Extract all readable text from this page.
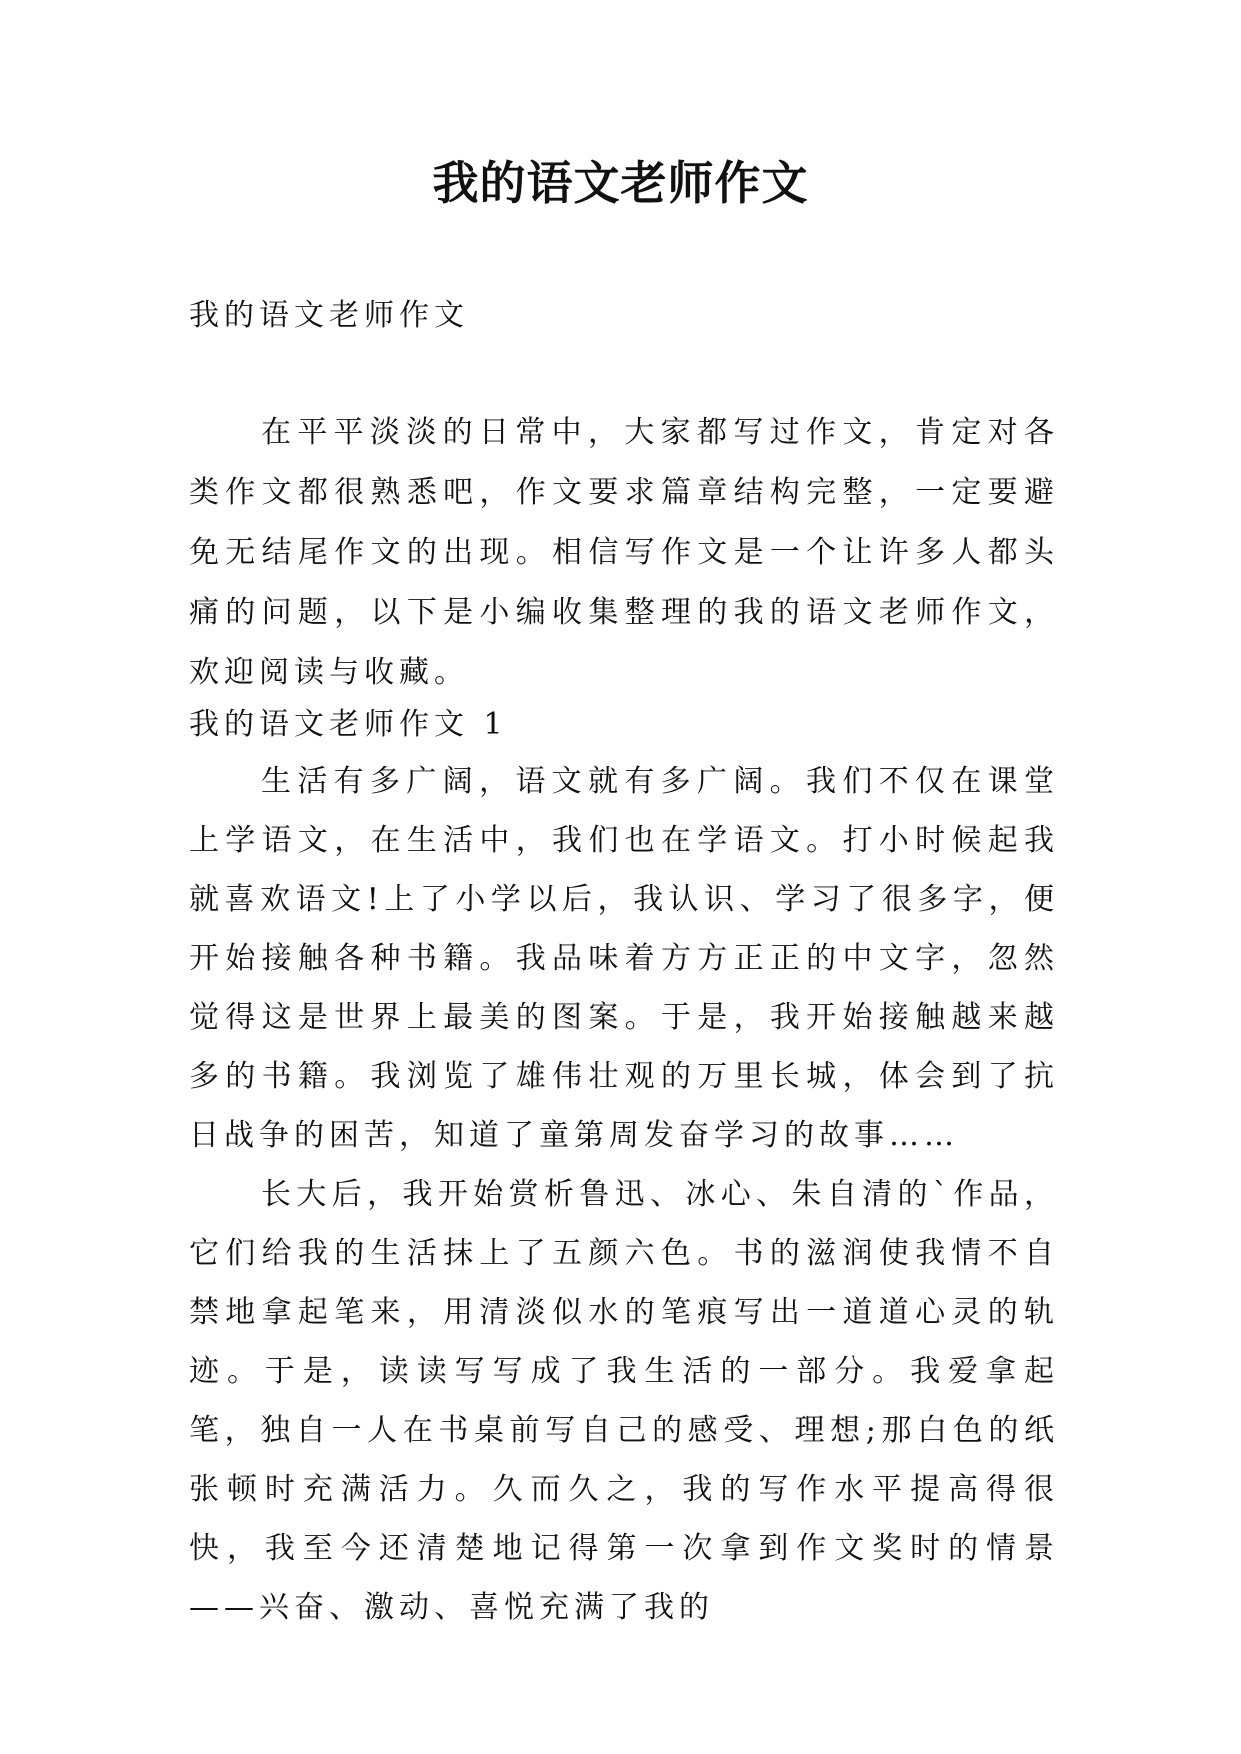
我的语文老师作文
我的语文老师作文

在平平淡淡的日常中，大家都写过作文，肯定对各类作文都很熟悉吧，作文要求篇章结构完整，一定要避免无结尾作文的出现。相信写作文是一个让许多人都头痛的问题，以下是小编收集整理的我的语文老师作文，欢迎阅读与收藏。

我的语文老师作文 1

生活有多广阔，语文就有多广阔。我们不仅在课堂上学语文，在生活中，我们也在学语文。打小时候起我就喜欢语文!上了小学以后，我认识、学习了很多字，便开始接触各种书籍。我品味着方方正正的中文字，忽然觉得这是世界上最美的图案。于是，我开始接触越来越多的书籍。我浏览了雄伟壮观的万里长城，体会到了抗日战争的困苦，知道了童第周发奋学习的故事……

长大后，我开始赏析鲁迅、冰心、朱自清的`作品，它们给我的生活抹上了五颜六色。书的滋润使我情不自禁地拿起笔来，用清淡似水的笔痕写出一道道心灵的轨迹。于是，读读写写成了我生活的一部分。我爱拿起笔，独自一人在书桌前写自己的感受、理想;那白色的纸张顿时充满活力。久而久之，我的写作水平提高得很快，我至今还清楚地记得第一次拿到作文奖时的情景——兴奋、激动、喜悦充满了我的
